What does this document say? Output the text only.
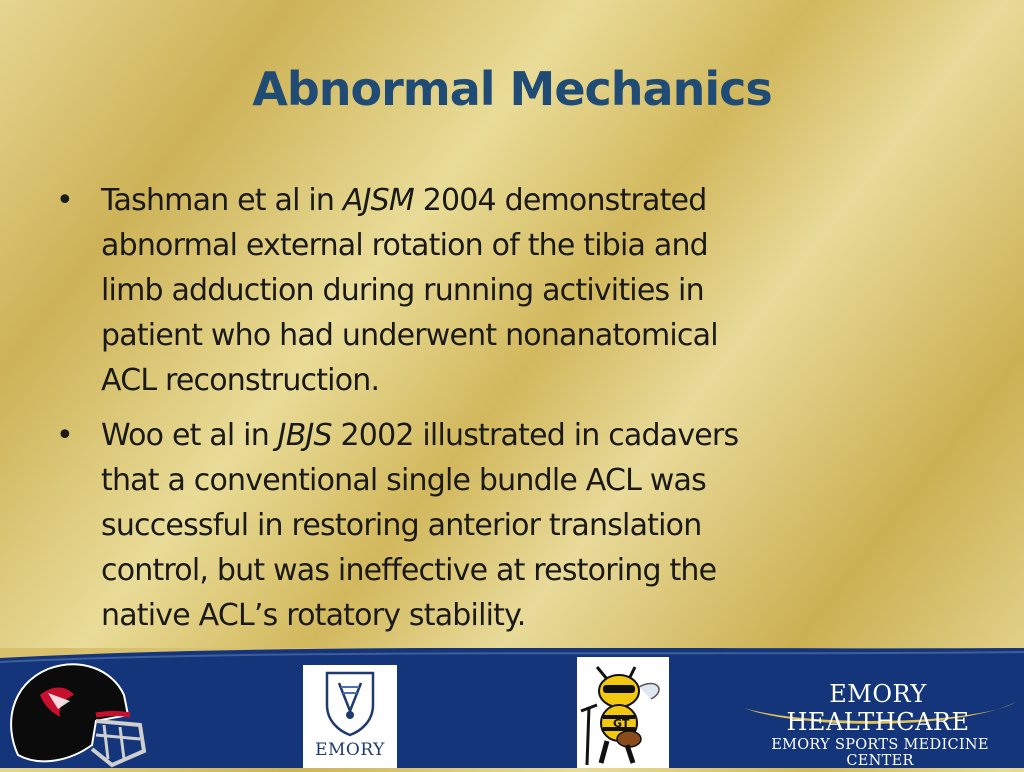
Abnormal Mechanics
• Tashman et al in AJSM 2004 demonstrated
abnormal external rotation of the tibia and
limb adduction during running activities in
patient who had underwent nonanatomical
ACL reconstruction.
• Woo et al in JBJS 2002 illustrated in cadavers
that a conventional single bundle ACL was
successful in restoring anterior translation
control, but was ineffective at restoring the
native ACL’s rotatory stability.
EMORY
GT
EMORY HEALTHCARE
EMORY SPORTS MEDICINE CENTER
